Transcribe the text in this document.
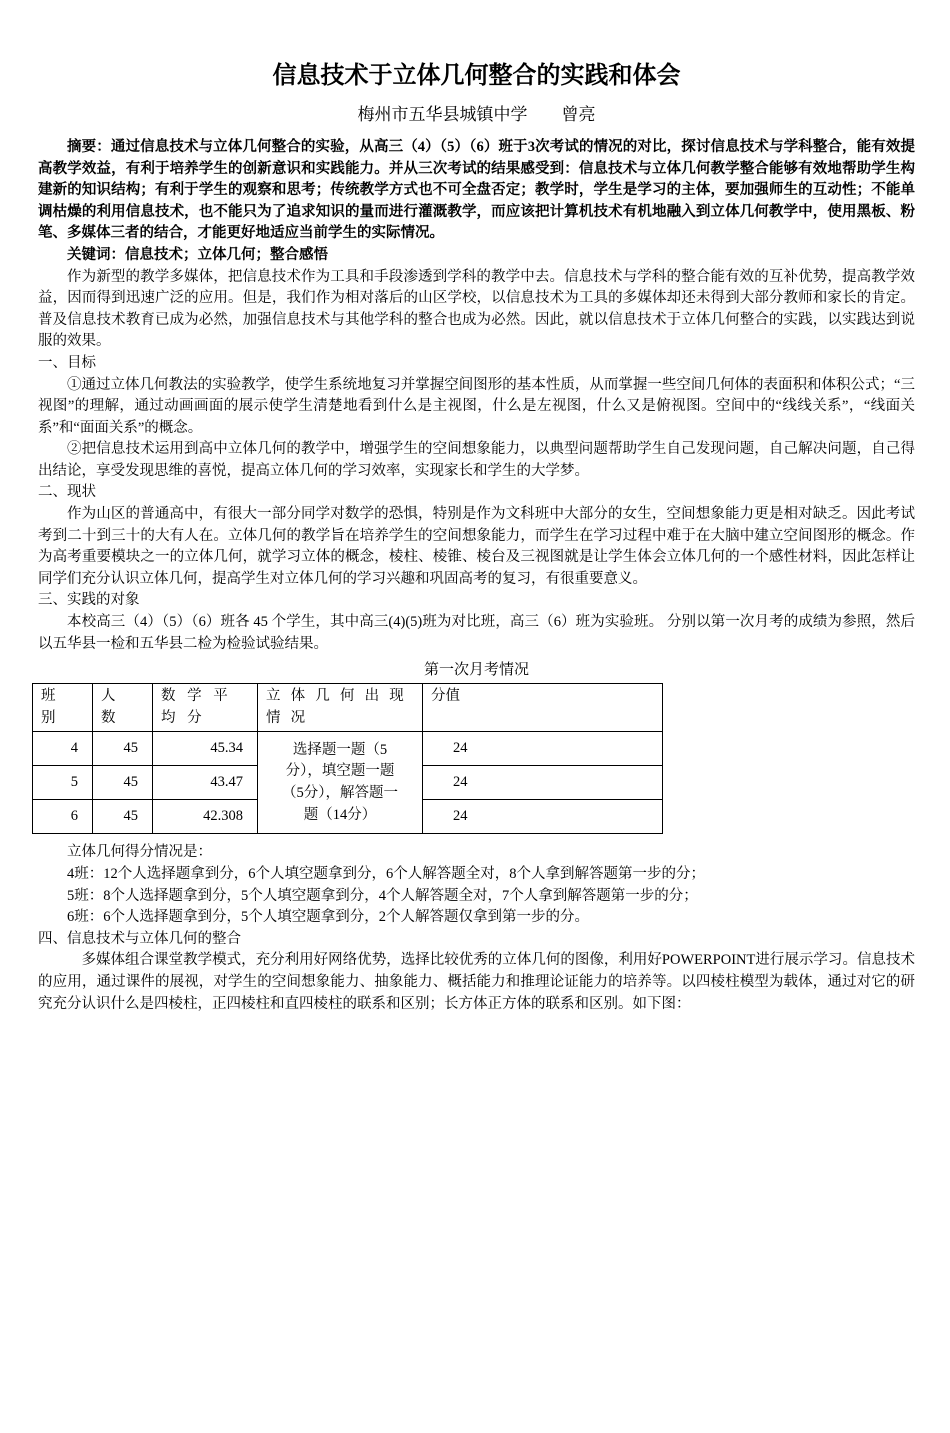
信息技术于立体几何整合的实践和体会

梅州市五华县城镇中学　　曾亮

摘要：通过信息技术与立体几何整合的实验，从高三（4）（5）（6）班于3次考试的情况的对比，探讨信息技术与学科整合，能有效提高教学效益，有利于培养学生的创新意识和实践能力。并从三次考试的结果感受到：信息技术与立体几何教学整合能够有效地帮助学生构建新的知识结构；有利于学生的观察和思考；传统教学方式也不可全盘否定；教学时，学生是学习的主体，要加强师生的互动性；不能单调枯燥的利用信息技术，也不能只为了追求知识的量而进行灌溉教学，而应该把计算机技术有机地融入到立体几何教学中，使用黑板、粉笔、多媒体三者的结合，才能更好地适应当前学生的实际情况。

关键词：信息技术；立体几何；整合感悟

作为新型的教学多媒体，把信息技术作为工具和手段渗透到学科的教学中去。信息技术与学科的整合能有效的互补优势，提高教学效益，因而得到迅速广泛的应用。但是，我们作为相对落后的山区学校，以信息技术为工具的多媒体却还未得到大部分教师和家长的肯定。普及信息技术教育已成为必然，加强信息技术与其他学科的整合也成为必然。因此，就以信息技术于立体几何整合的实践，以实践达到说服的效果。

一、目标

①通过立体几何教法的实验教学，使学生系统地复习并掌握空间图形的基本性质，从而掌握一些空间几何体的表面积和体积公式；“三视图”的理解，通过动画画面的展示使学生清楚地看到什么是主视图，什么是左视图，什么又是俯视图。空间中的“线线关系”，“线面关系”和“面面关系”的概念。

②把信息技术运用到高中立体几何的教学中，增强学生的空间想象能力，以典型问题帮助学生自己发现问题，自己解决问题，自己得出结论，享受发现思维的喜悦，提高立体几何的学习效率，实现家长和学生的大学梦。

二、现状

作为山区的普通高中，有很大一部分同学对数学的恐惧，特别是作为文科班中大部分的女生，空间想象能力更是相对缺乏。因此考试考到二十到三十的大有人在。立体几何的教学旨在培养学生的空间想象能力，而学生在学习过程中难于在大脑中建立空间图形的概念。作为高考重要模块之一的立体几何，就学习立体的概念，棱柱、棱锥、棱台及三视图就是让学生体会立体几何的一个感性材料，因此怎样让同学们充分认识立体几何，提高学生对立体几何的学习兴趣和巩固高考的复习，有很重要意义。

三、实践的对象

本校高三（4）（5）（6）班各 45 个学生，其中高三(4)(5)班为对比班，高三（6）班为实验班。 分别以第一次月考的成绩为参照，然后以五华县一检和五华县二检为检验试验结果。

第一次月考情况

班别	人数	数学平均分	立体几何出现情况	分值
4	45	45.34	选择题一题（5分），填空题一题（5分），解答题一题（14分）	24
5	45	43.47		24
6	45	42.308		24

立体几何得分情况是：

4班：12个人选择题拿到分，6个人填空题拿到分，6个人解答题全对，8个人拿到解答题第一步的分；

5班：8个人选择题拿到分，5个人填空题拿到分，4个人解答题全对，7个人拿到解答题第一步的分；

6班：6个人选择题拿到分，5个人填空题拿到分，2个人解答题仅拿到第一步的分。

四、信息技术与立体几何的整合

多媒体组合课堂教学模式，充分利用好网络优势，选择比较优秀的立体几何的图像，利用好POWERPOINT进行展示学习。信息技术的应用，通过课件的展视，对学生的空间想象能力、抽象能力、概括能力和推理论证能力的培养等。以四棱柱模型为载体，通过对它的研究充分认识什么是四棱柱，正四棱柱和直四棱柱的联系和区别；长方体正方体的联系和区别。如下图：
